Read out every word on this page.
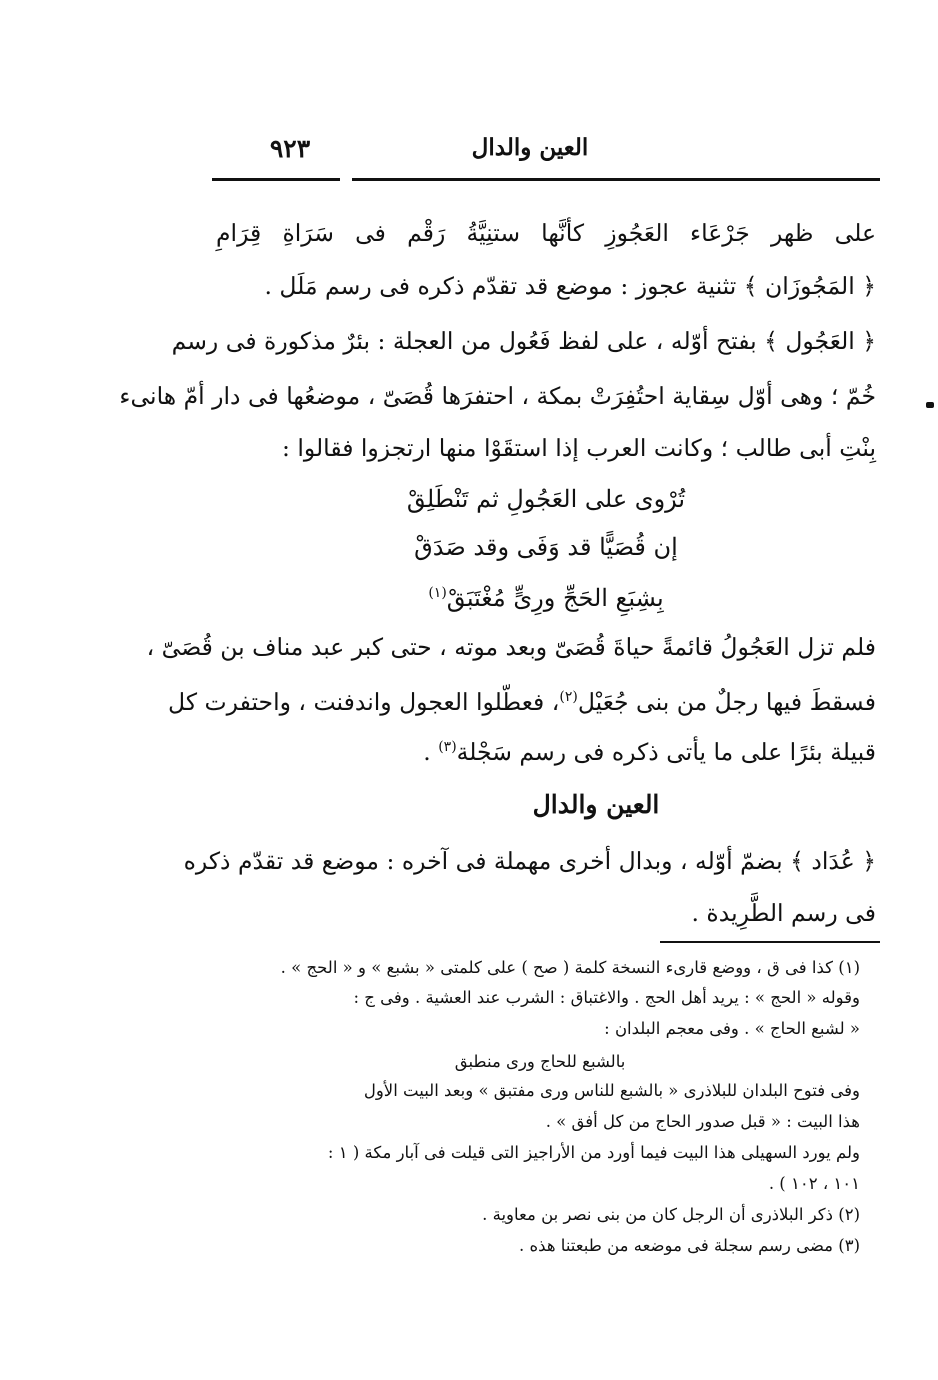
العين والدال
٩٢٣
على ظهر جَرْعَاء العَجُوزِ كأنَّها ستنِيَّةُ رَقْم فى سَرَاةِ قِرَامِ
﴿ المَجُوزَان ﴾ تثنية عجوز : موضع قد تقدّم ذكره فى رسم مَلَل .
﴿ العَجُول ﴾ بفتح أوّله ، على لفظ فَعُول من العجلة : بئرٌ مذكورة فى رسم
خُمّ ؛ وهى أوّل سِقاية احتُفِرَتْ بمكة ، احتفرَها قُصَىّ ، موضعُها فى دار أمّ هانىء
بِنْتِ أبى طالب ؛ وكانت العرب إذا استقَوْا منها ارتجزوا فقالوا :
تُرْوى على العَجُولِ ثم تَنْطَلِقْ
إن قُصَيًّا قد وَفَى وقد صَدَقْ
بِشِبَعِ الحَجِّ ورِىٍّ مُغْتَبَقْ$^{(١)}$
فلم تزل العَجُولُ قائمةً حياةَ قُصَىّ وبعد موته ، حتى كبر عبد مناف بن قُصَىّ ،
فسقطَ فيها رجلٌ من بنى جُعَيْل$^{(٢)}$، فعطّلوا العجول واندفنت ، واحتفرت كل
قبيلة بئرًا على ما يأتى ذكره فى رسم سَجْلة$^{(٣)}$ .
العين والدال
﴿ عُدَاد ﴾ بضمّ أوّله ، وبدال أخرى مهملة فى آخره : موضع قد تقدّم ذكره
فى رسم الطَّرِيدة .
(١) كذا فى ق ، ووضع قارىء النسخة كلمة ( صح ) على كلمتى « بشبع » و « الحج » .
وقوله « الحج » : يريد أهل الحج . والاغتباق : الشرب عند العشية . وفى ج :
« لشبع الحاج » . وفى معجم البلدان :
بالشبع للحاج ورى منطبق
وفى فتوح البلدان للبلاذرى « بالشبع للناس ورى مفتبق » وبعد البيت الأول
هذا البيت : « قبل صدور الحاج من كل أفق » .
ولم يورد السهيلى هذا البيت فيما أورد من الأراجيز التى قيلت فى آبار مكة ( ١ :
١٠١ ، ١٠٢ ) .
(٢) ذكر البلاذرى أن الرجل كان من بنى نصر بن معاوية .
(٣) مضى رسم سجلة فى موضعه من طبعتنا هذه .
